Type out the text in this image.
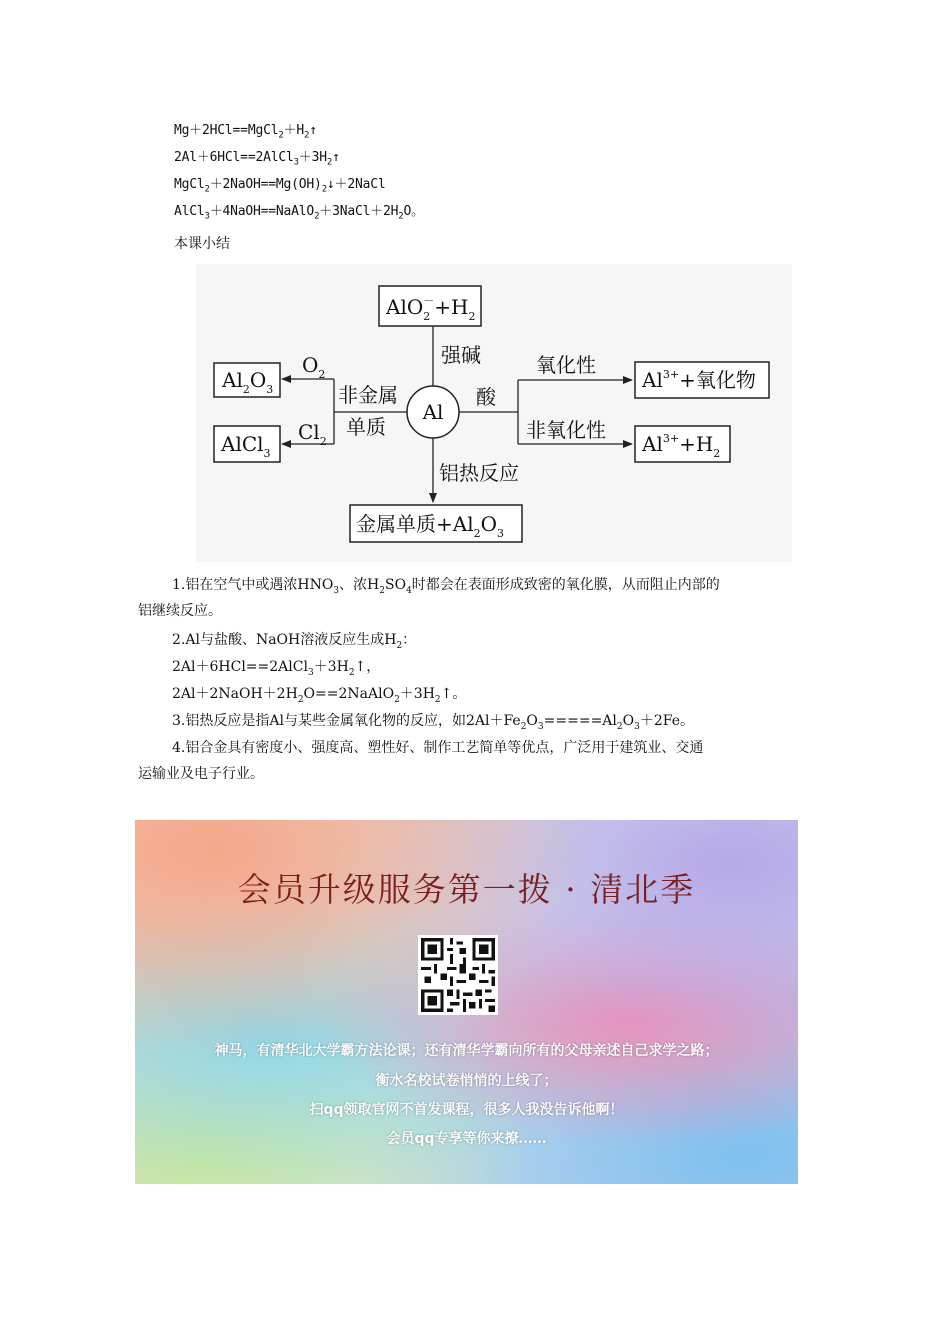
$Mg+2HCl==MgCl_2+H_2↑$
$2Al+6HCl==2AlCl_3+3H_2↑$
$MgCl_2+2NaOH==Mg(OH)_2↓+2NaCl$
$AlCl_3+4NaOH==NaAlO_2+3NaCl+2H_2O$。
本课小结
Al
$AlO_2-+H_2$
强碱
$Al_2O_3$
$O_2$
AlCl$_3$
$Cl_2$
非金属
单质
酸
氧化性
$Al^{3+}+$氧化物
非氧化性
$Al^{3+}+H_2$
铝热反应
金属单质$+Al_2O_3$
1.铝在空气中或遇浓$HNO_3$、浓$H_2SO_4$时都会在表面形成致密的氧化膜，从而阻止内部的
铝继续反应。
2.Al与盐酸、NaOH溶液反应生成$H_2$：
$2Al+6HCl==2AlCl_3+3H_2↑$，
$2Al+2NaOH+2H_2O==2NaAlO_2+3H_2↑$。
3.铝热反应是指Al与某些金属氧化物的反应，如$2Al+Fe_2O_3=====Al_2O_3+2Fe$。
4.铝合金具有密度小、强度高、塑性好、制作工艺简单等优点，广泛用于建筑业、交通
运输业及电子行业。
会员升级服务第一拨 · 清北季
神马，有清华北大学霸方法论课；还有清华学霸向所有的父母亲述自己求学之路；
衡水名校试卷悄悄的上线了；
扫qq领取官网不首发课程，很多人我没告诉他啊！
会员qq专享等你来撩……
